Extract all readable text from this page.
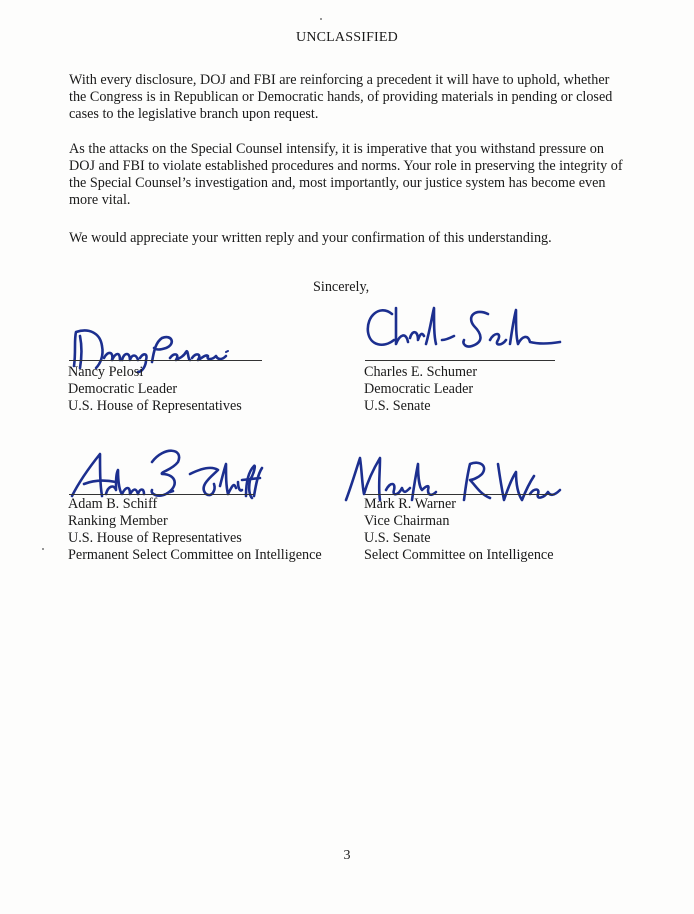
UNCLASSIFIED
With every disclosure, DOJ and FBI are reinforcing a precedent it will have to uphold, whether the Congress is in Republican or Democratic hands, of providing materials in pending or closed cases to the legislative branch upon request.
As the attacks on the Special Counsel intensify, it is imperative that you withstand pressure on DOJ and FBI to violate established procedures and norms. Your role in preserving the integrity of the Special Counsel’s investigation and, most importantly, our justice system has become even more vital.
We would appreciate your written reply and your confirmation of this understanding.
Sincerely,
Nancy Pelosi
Democratic Leader
U.S. House of Representatives
Charles E. Schumer
Democratic Leader
U.S. Senate
Adam B. Schiff
Ranking Member
U.S. House of Representatives
Permanent Select Committee on Intelligence
Mark R. Warner
Vice Chairman
U.S. Senate
Select Committee on Intelligence
3
